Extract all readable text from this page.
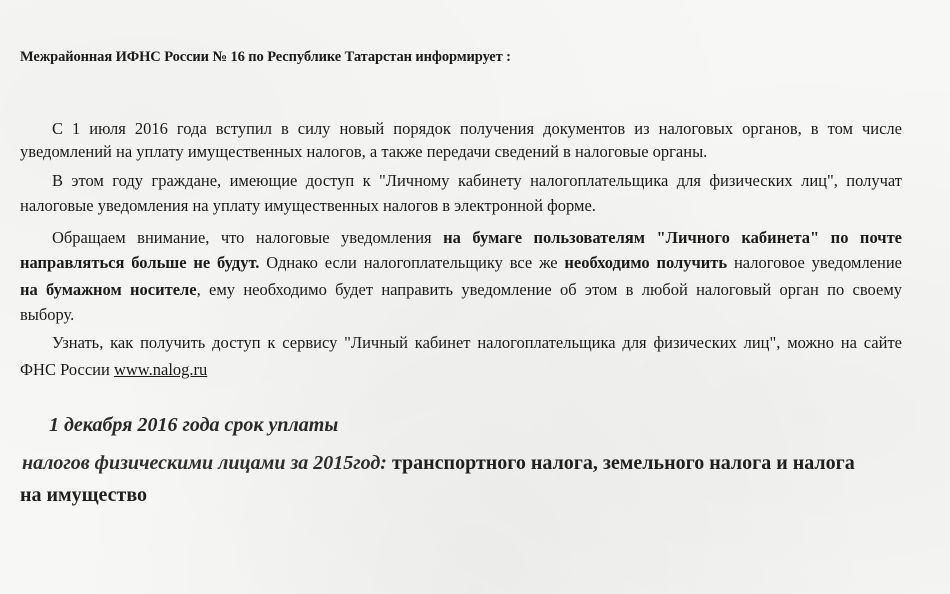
Межрайонная ИФНС России № 16 по Республике Татарстан информирует :
С 1 июля 2016 года вступил в силу новый порядок получения документов из налоговых органов, в том числе
уведомлений на уплату имущественных налогов, а также передачи сведений в налоговые органы.
В этом году граждане, имеющие доступ к "Личному кабинету налогоплательщика для физических лиц", получат
налоговые уведомления на уплату имущественных налогов в электронной форме.
Обращаем внимание, что налоговые уведомления на бумаге пользователям "Личного кабинета" по почте
направляться больше не будут. Однако если налогоплательщику все же необходимо получить налоговое уведомление
на бумажном носителе, ему необходимо будет направить уведомление об этом в любой налоговый орган по своему
выбору.
Узнать, как получить доступ к сервису "Личный кабинет налогоплательщика для физических лиц", можно на сайте
ФНС России www.nalog.ru
1 декабря 2016 года срок уплаты
налогов физическими лицами за 2015год: транспортного налога, земельного налога и налога
на имущество
